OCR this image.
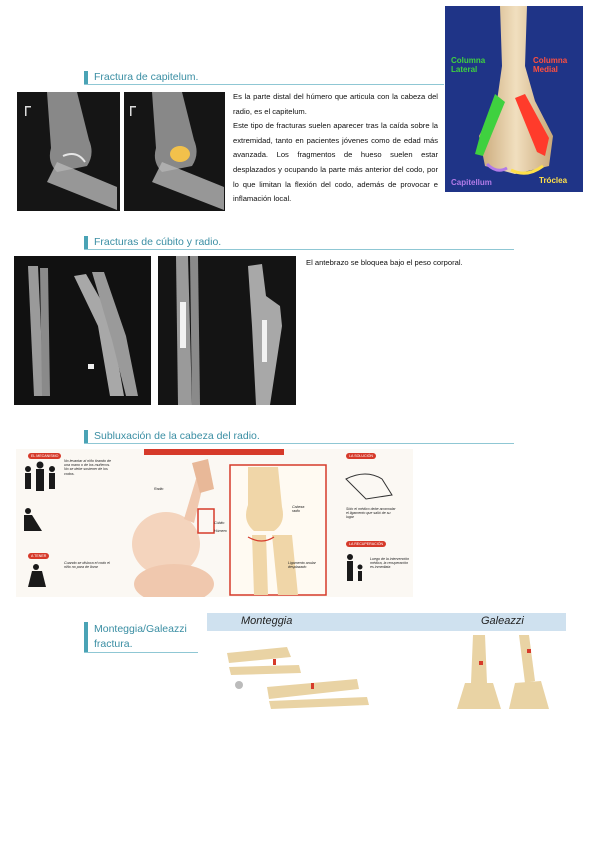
Fractura de capitelum.
Columna Lateral
Columna Medial
Capitellum	Tróclea
Es la parte distal del húmero que articula con la cabeza del radio, es el capitelum.
Este tipo de fracturas suelen aparecer tras la caída sobre la extremidad, tanto en pacientes jóvenes como de edad más avanzada. Los fragmentos de hueso suelen estar desplazados y ocupando la parte más anterior del codo, por lo que limitan la flexión del codo, además de provocar e inflamación local.
Fracturas de cúbito y radio.
El antebrazo se bloquea bajo el peso corporal.
Subluxación de la cabeza del radio.
EL MECANISMO
No levantar al niño tirando de una mano o de los muñecos. No se debe sostener de los codos.
A TENER
Cuando se disloca el codo el niño no para de llorar
Radio
Cúbito
Húmero
Cabeza radio
Ligamento anular desplazado
LA SOLUCIÓN
Sólo el médico debe acomodar el ligamento que salió de su lugar
LA RECUPERACIÓN
Luego de la intervención médica, la recuperación es inmediata
Monteggia/Galeazzi fractura.
Monteggia	Galeazzi
